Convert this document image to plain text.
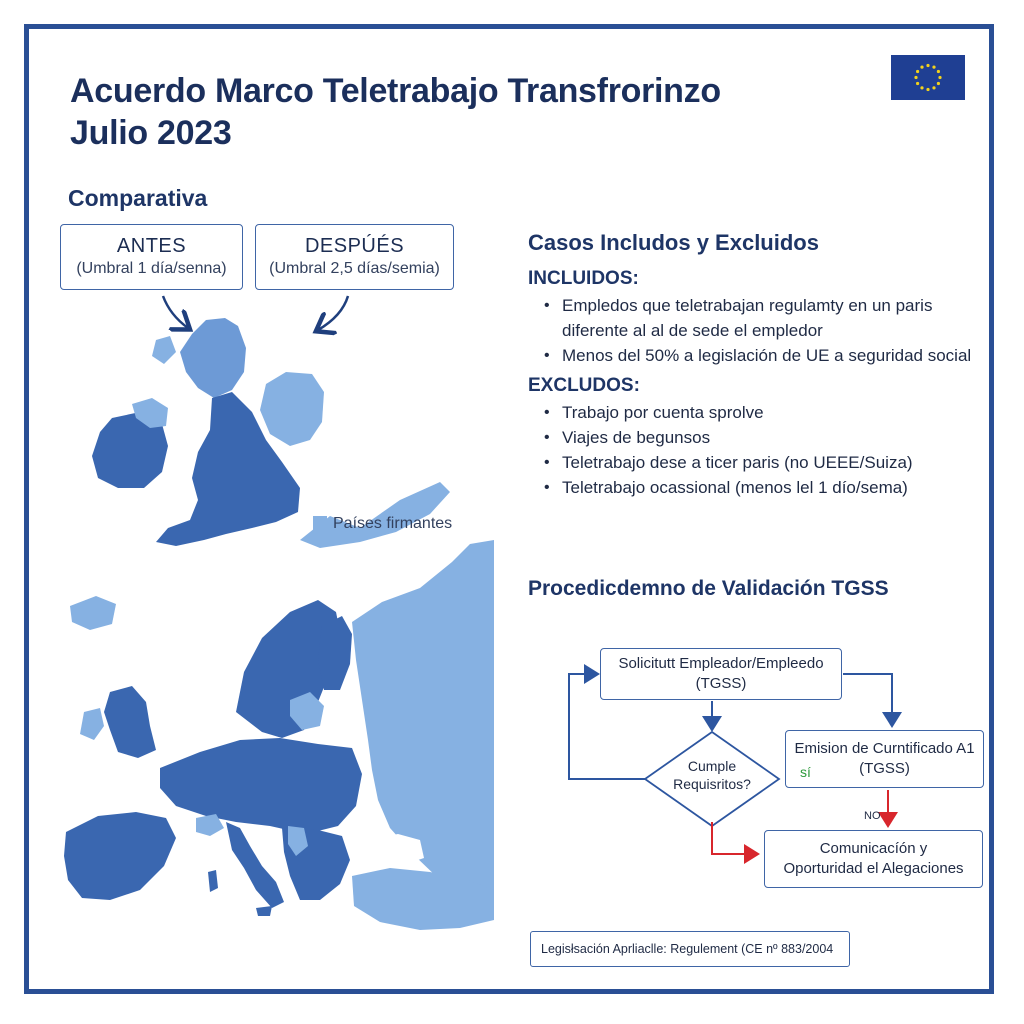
Acuerdo Marco Teletrabajo Transfrorinzo
Julio 2023
Comparativa
ANTES
(Umbral 1 día/senna)
DESPÚÉS
(Umbral 2,5 días/semia)
Países firmantes
Casos Includos y Excluidos
INCLUIDOS:
• Empledos que teletrabajan regulamty en un paris diferente al al de sede el empledor
• Menos del 50% a legislación de UE a seguridad social
EXCLUDOS:
• Trabajo por cuenta sprolve
• Viajes de begunsos
• Teletrabajo dese a ticer paris (no UEEE/Suiza)
• Teletrabajo ocassional (menos lel 1 dío/sema)
Procedicdemno de Validación TGSS
Solicitutt Empleador/Empleedo
(TGSS)
Cumple
Requisritos?
Emision de Curntificado A1
(TGSS)
sí
NO
Comunicacíón y
Oporturidad el Alegaciones
Legisłsación Aprliaclle: Regulement (CE nº 883/2004
